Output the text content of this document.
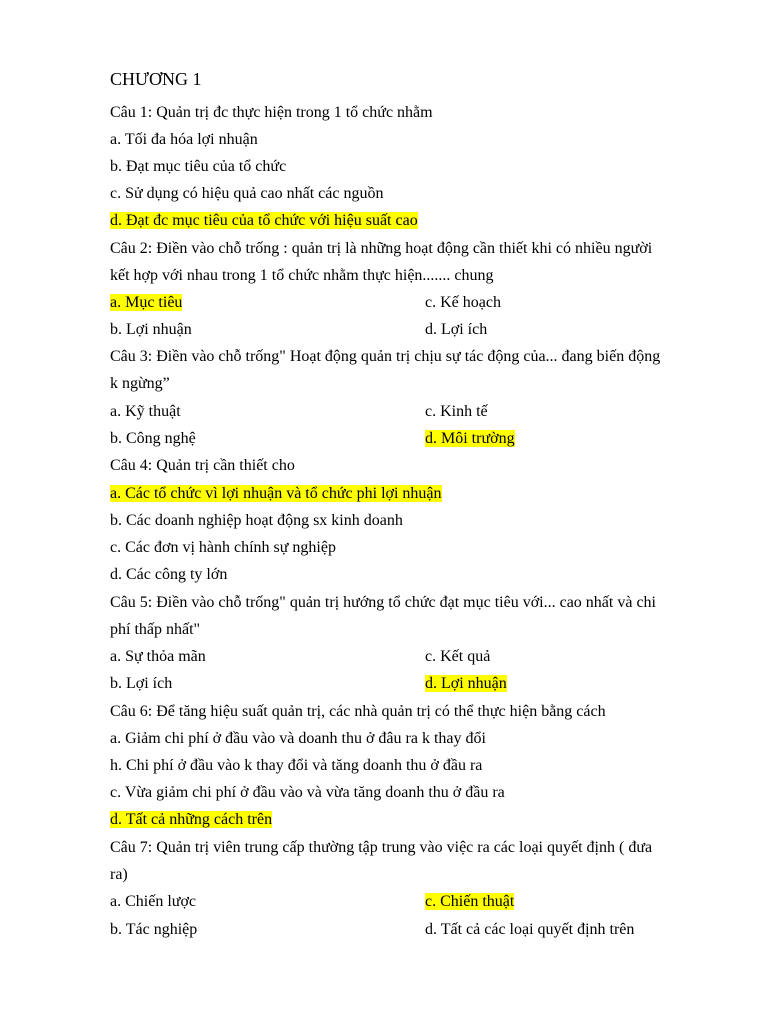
CHƯƠNG 1
Câu 1: Quản trị đc thực hiện trong 1 tổ chức nhằm
a. Tối đa hóa lợi nhuận
b. Đạt mục tiêu của tổ chức
c. Sử dụng có hiệu quả cao nhất các nguồn
d. Đạt đc mục tiêu của tổ chức với hiệu suất cao
Câu 2: Điền vào chỗ trống : quản trị là những hoạt động cần thiết khi có nhiều người
kết hợp với nhau trong 1 tổ chức nhằm thực hiện....... chung
a. Mục tiêu	c. Kế hoạch
b. Lợi nhuận	d. Lợi ích
Câu 3: Điền vào chỗ trống" Hoạt động quản trị chịu sự tác động của... đang biến động
k ngừng”
a. Kỹ thuật	c. Kinh tế
b. Công nghệ	d. Môi trường
Câu 4: Quản trị cần thiết cho
a. Các tổ chức vì lợi nhuận và tổ chức phi lợi nhuận
b. Các doanh nghiệp hoạt động sx kinh doanh
c. Các đơn vị hành chính sự nghiệp
d. Các công ty lớn
Câu 5: Điền vào chỗ trống" quản trị hướng tổ chức đạt mục tiêu với... cao nhất và chi
phí thấp nhất"
a. Sự thỏa mãn	c. Kết quả
b. Lợi ích	d. Lợi nhuận
Câu 6: Để tăng hiệu suất quản trị, các nhà quản trị có thể thực hiện bằng cách
a. Giảm chi phí ở đầu vào và doanh thu ở đâu ra k thay đổi
h. Chi phí ở đầu vào k thay đổi và tăng doanh thu ở đầu ra
c. Vừa giảm chi phí ở đầu vào và vừa tăng doanh thu ở đầu ra
d. Tất cả những cách trên
Câu 7: Quản trị viên trung cấp thường tập trung vào việc ra các loại quyết định ( đưa
ra)
a. Chiến lược	c. Chiến thuật
b. Tác nghiệp	d. Tất cả các loại quyết định trên
